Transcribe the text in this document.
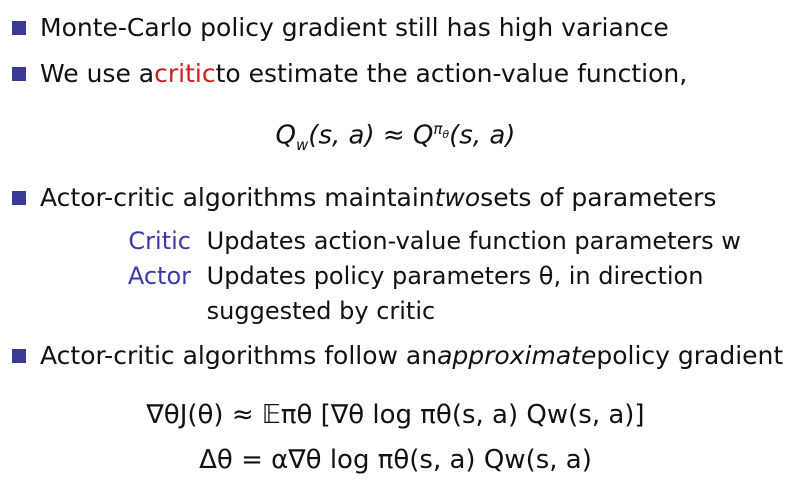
Monte-Carlo policy gradient still has high variance
We use a critic to estimate the action-value function,
$Q_w(s$, $a) \approx Q^{\pi_\theta}(s$, a)
Actor-critic algorithms maintain two sets of parameters
Critic Updates action-value function parameters w
Actor Updates policy parameters θ, in direction
suggested by critic
Actor-critic algorithms follow an approximate policy gradient
∇θJ(θ) ≈ 𝔼πθ [∇θ log πθ(s, a) Qw(s, a)]
Δθ = α∇θ log πθ(s, a) Qw(s, a)
